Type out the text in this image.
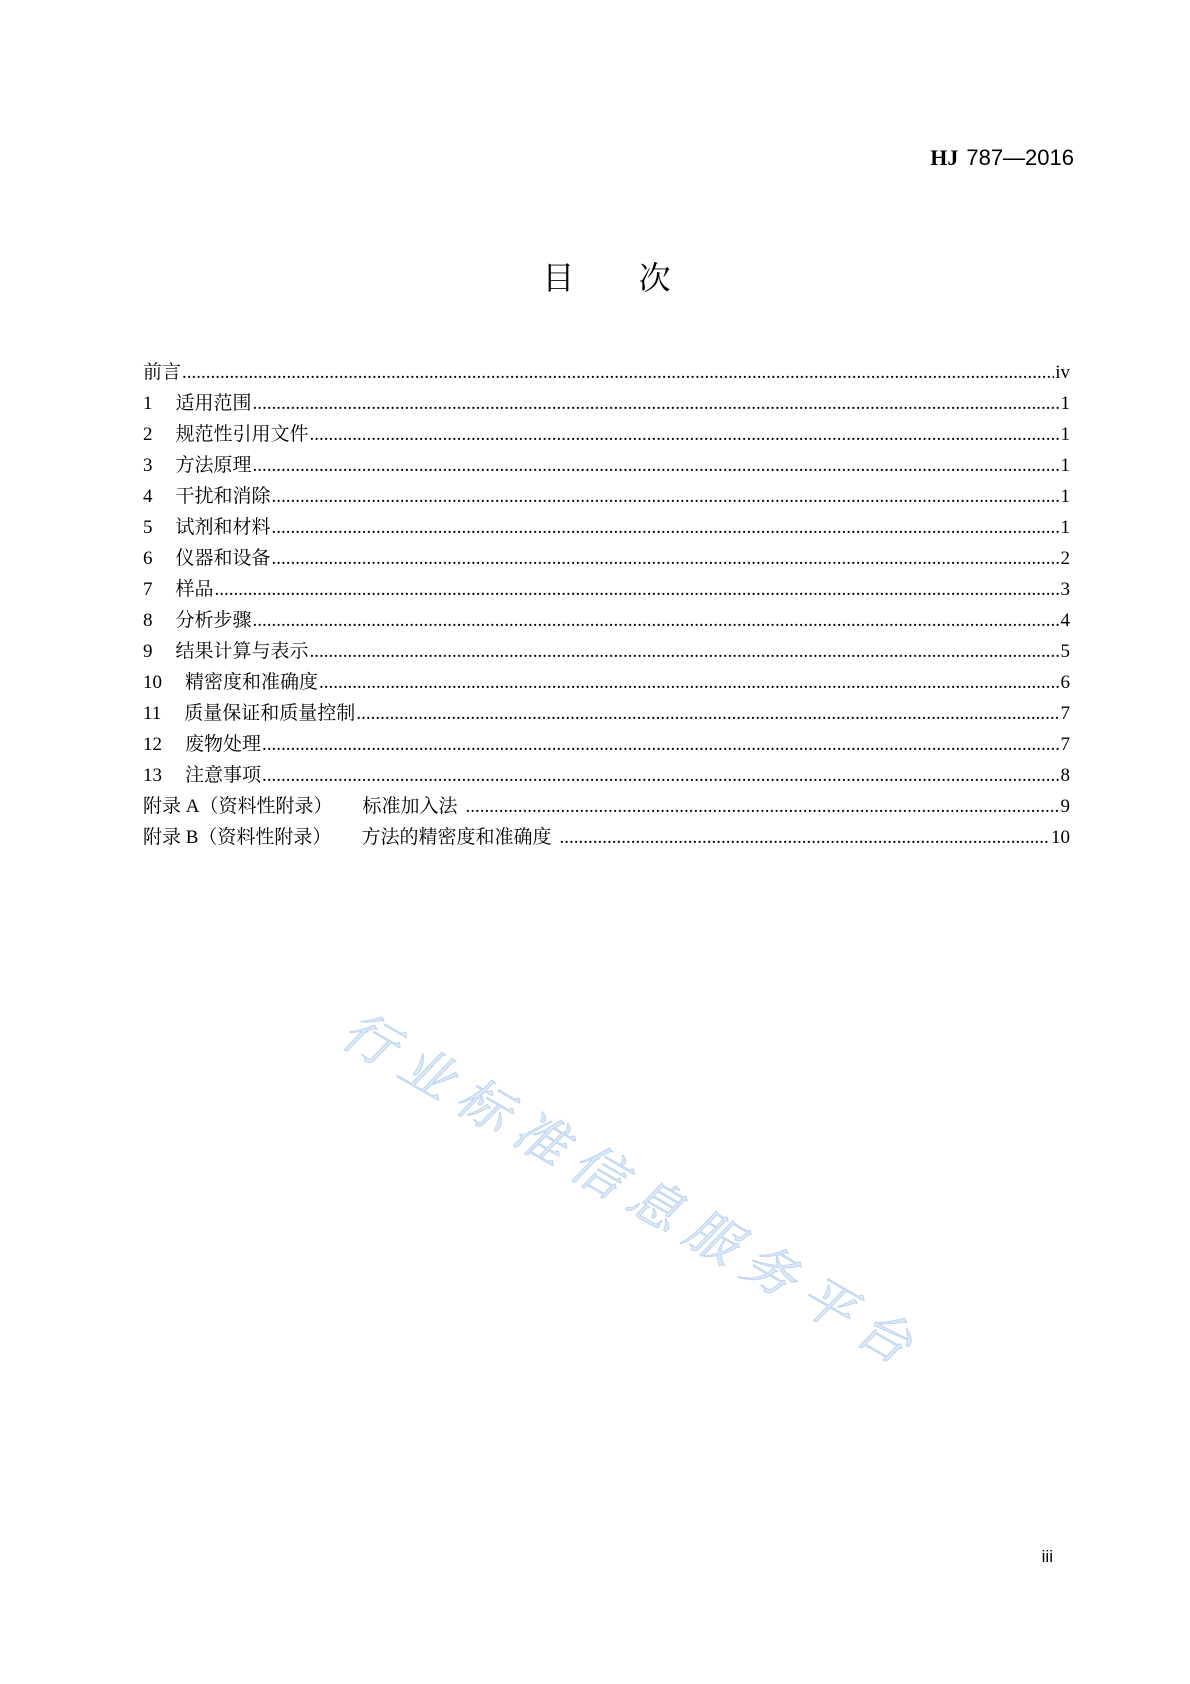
HJ 787—2016
目 次
前言 .....	iv
1 适用范围 .....	1
2 规范性引用文件 .....	1
3 方法原理 .....	1
4 干扰和消除 .....	1
5 试剂和材料 .....	1
6 仪器和设备 .....	2
7 样品 .....	3
8 分析步骤 .....	4
9 结果计算与表示 .....	5
10 精密度和准确度 .....	6
11 质量保证和质量控制 .....	7
12 废物处理 .....	7
13 注意事项 .....	8
附录 A（资料性附录） 标准加入法 .....	9
附录 B（资料性附录） 方法的精密度和准确度 .....	10
行业标准信息服务平台
iii
